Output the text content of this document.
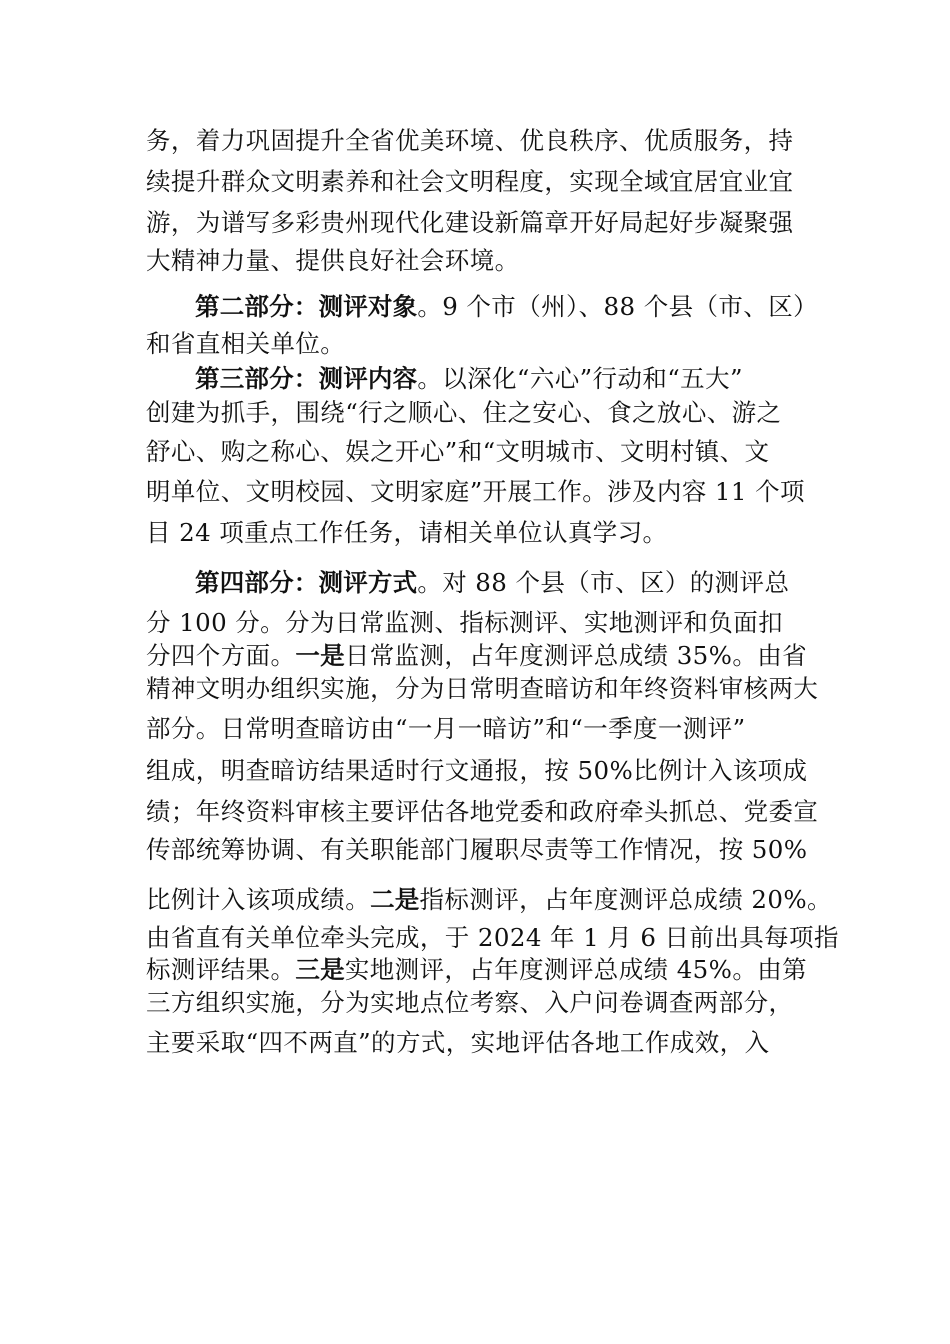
务，着力巩固提升全省优美环境、优良秩序、优质服务，持
续提升群众文明素养和社会文明程度，实现全域宜居宜业宜
游，为谱写多彩贵州现代化建设新篇章开好局起好步凝聚强
大精神力量、提供良好社会环境。
第二部分：测评对象。9 个市（州）、88 个县（市、区）
和省直相关单位。
第三部分：测评内容。以深化“六心”行动和“五大”
创建为抓手，围绕“行之顺心、住之安心、食之放心、游之
舒心、购之称心、娱之开心”和“文明城市、文明村镇、文
明单位、文明校园、文明家庭”开展工作。涉及内容 11 个项
目 24 项重点工作任务，请相关单位认真学习。
第四部分：测评方式。对 88 个县（市、区）的测评总
分 100 分。分为日常监测、指标测评、实地测评和负面扣
分四个方面。一是日常监测，占年度测评总成绩 35%。由省
精神文明办组织实施，分为日常明查暗访和年终资料审核两大
部分。日常明查暗访由“一月一暗访”和“一季度一测评”
组成，明查暗访结果适时行文通报，按 50%比例计入该项成
绩；年终资料审核主要评估各地党委和政府牵头抓总、党委宣
传部统筹协调、有关职能部门履职尽责等工作情况，按 50%
比例计入该项成绩。二是指标测评，占年度测评总成绩 20%。
由省直有关单位牵头完成，于 2024 年 1 月 6 日前出具每项指
标测评结果。三是实地测评，占年度测评总成绩 45%。由第
三方组织实施，分为实地点位考察、入户问卷调查两部分，
主要采取“四不两直”的方式，实地评估各地工作成效，入
